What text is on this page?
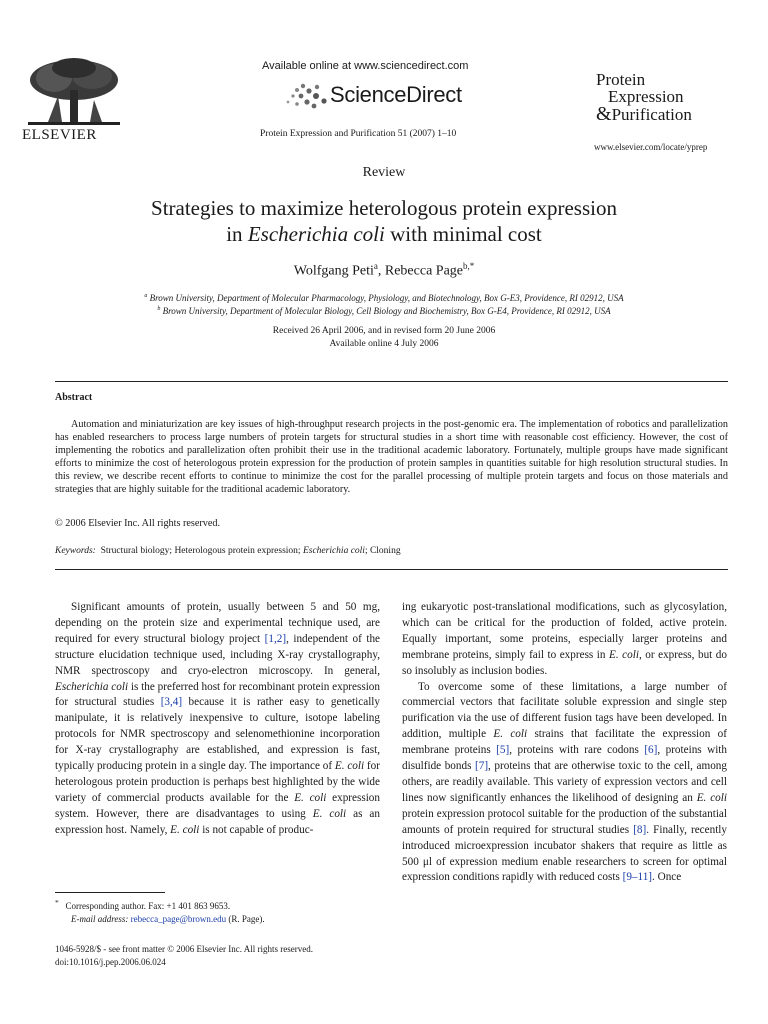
ELSEVIER
Available online at www.sciencedirect.com
ScienceDirect
Protein Expression and Purification 51 (2007) 1–10
Protein
Expression
&Purification
www.elsevier.com/locate/yprep
Review
Strategies to maximize heterologous protein expression
in Escherichia coli with minimal cost
Wolfgang Peti$^a$, Rebecca Page$^{b,*}$
$^a$ Brown University, Department of Molecular Pharmacology, Physiology, and Biotechnology, Box G-E3, Providence, RI 02912, USA
$^b$ Brown University, Department of Molecular Biology, Cell Biology and Biochemistry, Box G-E4, Providence, RI 02912, USA
Received 26 April 2006, and in revised form 20 June 2006
Available online 4 July 2006
Abstract
Automation and miniaturization are key issues of high-throughput research projects in the post-genomic era. The implementation of robotics and parallelization has enabled researchers to process large numbers of protein targets for structural studies in a short time with reasonable cost efficiency. However, the cost of implementing the robotics and parallelization often prohibit their use in the traditional academic laboratory. Fortunately, multiple groups have made significant efforts to minimize the cost of heterologous protein expression for the production of protein samples in quantities suitable for high resolution structural studies. In this review, we describe recent efforts to continue to minimize the cost for the parallel processing of multiple protein targets and focus on those materials and strategies that are highly suitable for the traditional academic laboratory.
© 2006 Elsevier Inc. All rights reserved.
Keywords: Structural biology; Heterologous protein expression; Escherichia coli; Cloning

Significant amounts of protein, usually between 5 and 50 mg, depending on the protein size and experimental technique used, are required for every structural biology project [1,2], independent of the structure elucidation technique used, including X-ray crystallography, NMR spectroscopy and cryo-electron microscopy. In general, Escherichia coli is the preferred host for recombinant protein expression for structural studies [3,4] because it is rather easy to genetically manipulate, it is relatively inexpensive to culture, isotope labeling protocols for NMR spectroscopy and selenomethionine incorporation for X-ray crystallography are established, and expression is fast, typically producing protein in a single day. The importance of E. coli for heterologous protein production is perhaps best highlighted by the wide variety of commercial products available for the E. coli expression system. However, there are disadvantages to using E. coli as an expression host. Namely, E. coli is not capable of produc-

ing eukaryotic post-translational modifications, such as glycosylation, which can be critical for the production of folded, active protein. Equally important, some proteins, especially larger proteins and membrane proteins, simply fail to express in E. coli, or express, but do so insolubly as inclusion bodies.

To overcome some of these limitations, a large number of commercial vectors that facilitate soluble expression and single step purification via the use of different fusion tags have been developed. In addition, multiple E. coli strains that facilitate the expression of membrane proteins [5], proteins with rare codons [6], proteins with disulfide bonds [7], proteins that are otherwise toxic to the cell, among others, are readily available. This variety of expression vectors and cell lines now significantly enhances the likelihood of designing an E. coli protein expression protocol suitable for the production of the substantial amounts of protein required for structural studies [8]. Finally, recently introduced microexpression incubator shakers that require as little as 500 μl of expression medium enable researchers to screen for optimal expression conditions rapidly with reduced costs [9–11]. Once

* Corresponding author. Fax: +1 401 863 9653.
E-mail address: rebecca_page@brown.edu (R. Page).
1046-5928/$ - see front matter © 2006 Elsevier Inc. All rights reserved.
doi:10.1016/j.pep.2006.06.024
